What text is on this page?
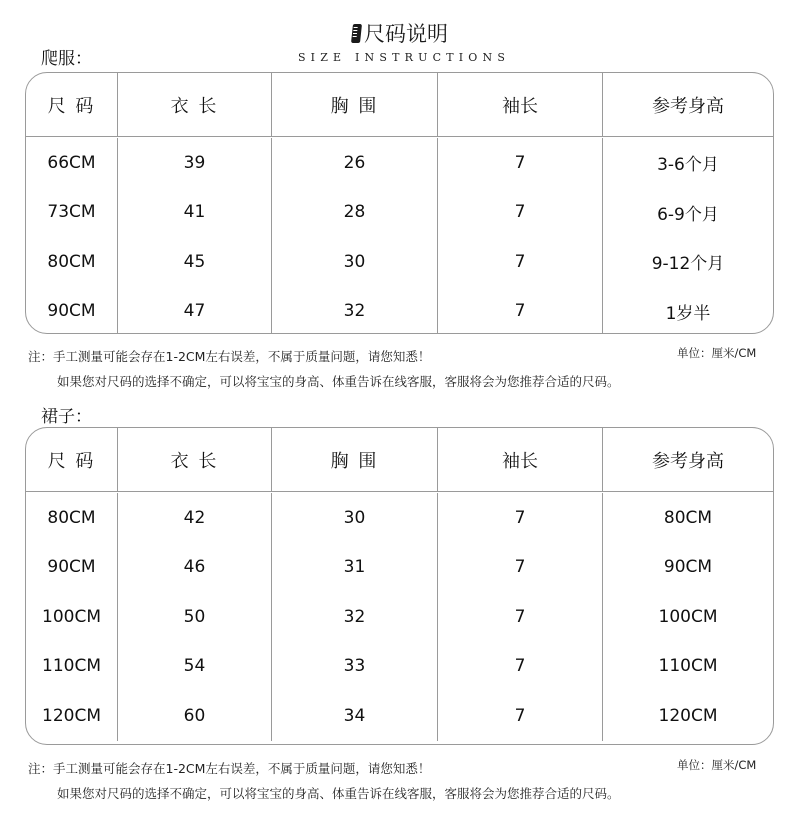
尺码说明
SIZE INSTRUCTIONS
爬服：
尺 码	衣 长	胸 围	袖长	参考身高
66CM	39	26	7	3-6个月
73CM	41	28	7	6-9个月
80CM	45	30	7	9-12个月
90CM	47	32	7	1岁半
注：手工测量可能会存在1-2CM左右误差，不属于质量问题，请您知悉！	单位：厘米/CM
如果您对尺码的选择不确定，可以将宝宝的身高、体重告诉在线客服，客服将会为您推荐合适的尺码。
裙子：
尺 码	衣 长	胸 围	袖长	参考身高
80CM	42	30	7	80CM
90CM	46	31	7	90CM
100CM	50	32	7	100CM
110CM	54	33	7	110CM
120CM	60	34	7	120CM
注：手工测量可能会存在1-2CM左右误差，不属于质量问题，请您知悉！	单位：厘米/CM
如果您对尺码的选择不确定，可以将宝宝的身高、体重告诉在线客服，客服将会为您推荐合适的尺码。
